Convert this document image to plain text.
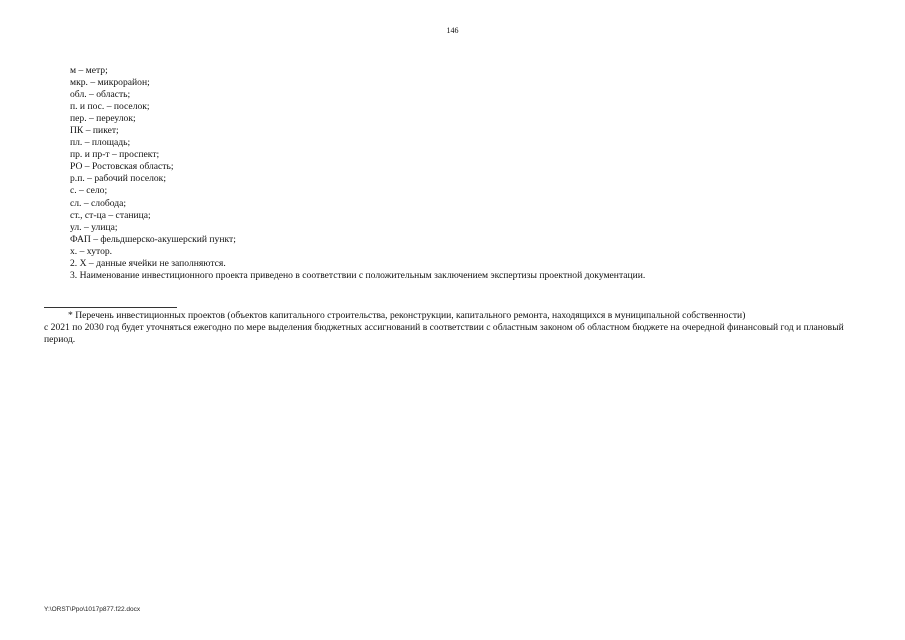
146
м – метр;
мкр. – микрорайон;
обл. – область;
п. и пос. – поселок;
пер. – переулок;
ПК – пикет;
пл. – площадь;
пр. и пр-т – проспект;
РО – Ростовская область;
р.п. – рабочий поселок;
с. – село;
сл. – слобода;
ст., ст-ца – станица;
ул. – улица;
ФАП – фельдшерско-акушерский пункт;
х. – хутор.
2. Х – данные ячейки не заполняются.
3. Наименование инвестиционного проекта приведено в соответствии с положительным заключением экспертизы проектной документации.
* Перечень инвестиционных проектов (объектов капитального строительства, реконструкции, капитального ремонта, находящихся в муниципальной собственности)
с 2021 по 2030 год будет уточняться ежегодно по мере выделения бюджетных ассигнований в соответствии с областным законом об областном бюджете на очередной финансовый год и плановый период.
Y:\ORST\Ppo\1017p877.f22.docx
